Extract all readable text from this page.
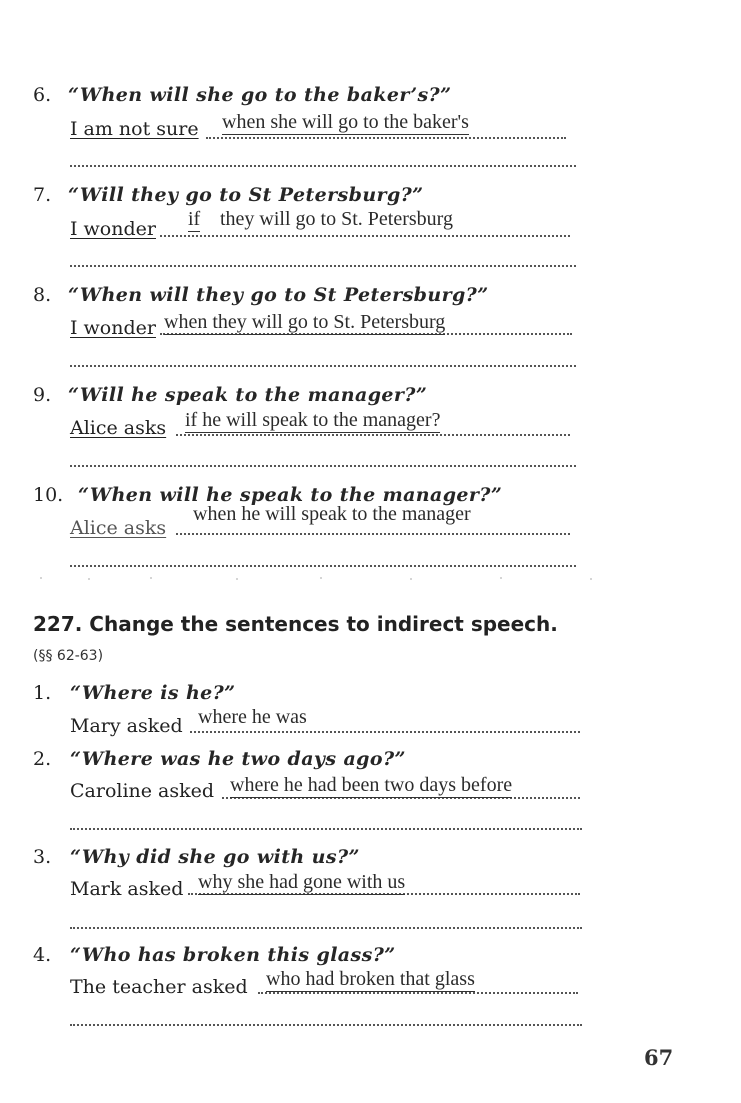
6. “When will she go to the baker’s?”
I am not sure when she will go to the baker's
7. “Will they go to St Petersburg?”
I wonder if they will go to St. Petersburg
8. “When will they go to St Petersburg?”
I wonder when they will go to St. Petersburg
9. “Will he speak to the manager?”
Alice asks if he will speak to the manager?
10. “When will he speak to the manager?”
Alice asks
when he will speak to the manager
227. Change the sentences to indirect speech.
(§§ 62-63)
1. “Where is he?”
Mary asked where he was
2. “Where was he two days ago?”
Caroline asked where he had been two days before
3. “Why did she go with us?”
Mark asked why she had gone with us
4. “Who has broken this glass?”
The teacher asked who had broken that glass
67
